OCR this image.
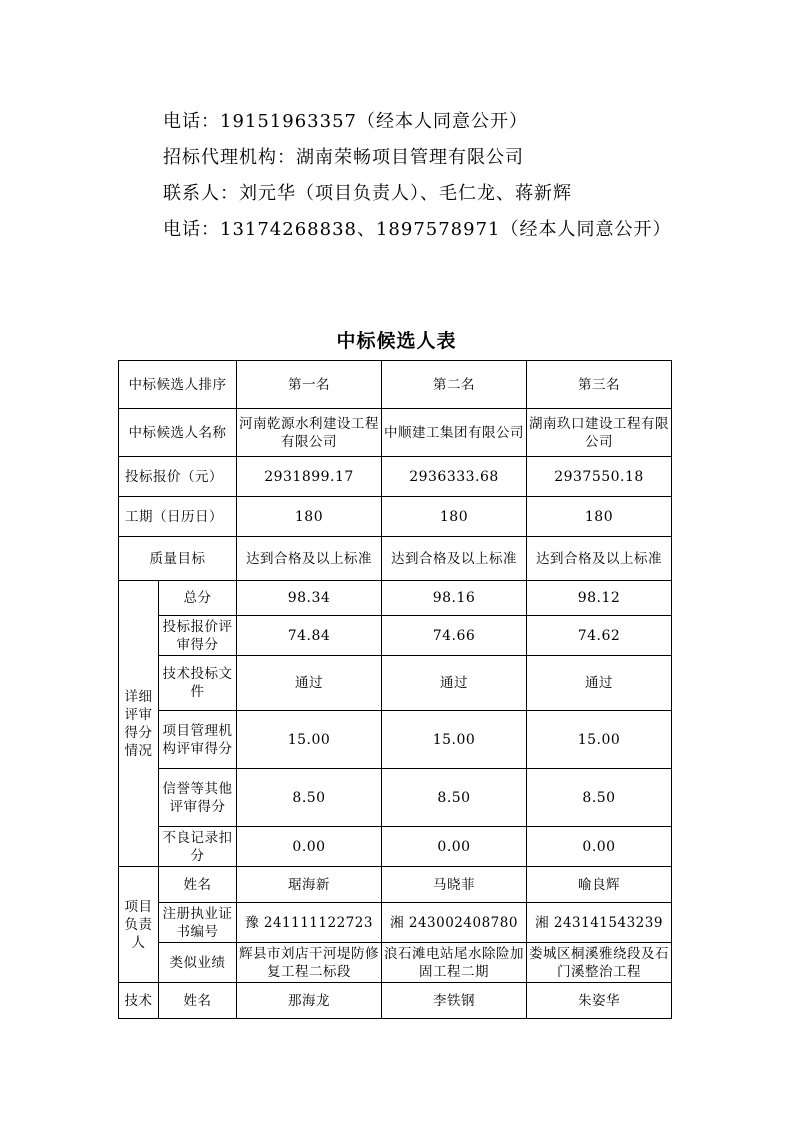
电话：19151963357（经本人同意公开）
招标代理机构：湖南荣畅项目管理有限公司
联系人：刘元华（项目负责人）、毛仁龙、蒋新辉
电话：13174268838、18975789​71（经本人同意公开）
中标候选人表
中标候选人排序		第一名	第二名	第三名
中标候选人名称		河南乾源水利建设工程有限公司	中顺建工集团有限公司	湖南玖口建设工程有限公司
投标报价（元）		2931899.17	2936333.68	2937550.18
工期（日历日）		180	180	180
质量目标		达到合格及以上标准	达到合格及以上标准	达到合格及以上标准
详细评审得分情况	总分	98.34	98.16	98.12
	投标报价评审得分	74.84	74.66	74.62
	技术投标文件	通过	通过	通过
	项目管理机构评审得分	15.00	15.00	15.00
	信誉等其他评审得分	8.50	8.50	8.50
	不良记录扣分	0.00	0.00	0.00
项目负责人	姓名	琚海新	马晓菲	喻良辉
	注册执业证书编号	豫 241111122723	湘 243002408780	湘 243141543239
	类似业绩	辉县市刘店干河堤防修复工程二标段	浪石滩电站尾水除险加固工程二期	娄城区桐溪雅绕段及石门溪整治工程
技术	姓名	那海龙	李铁钢	朱姿华
